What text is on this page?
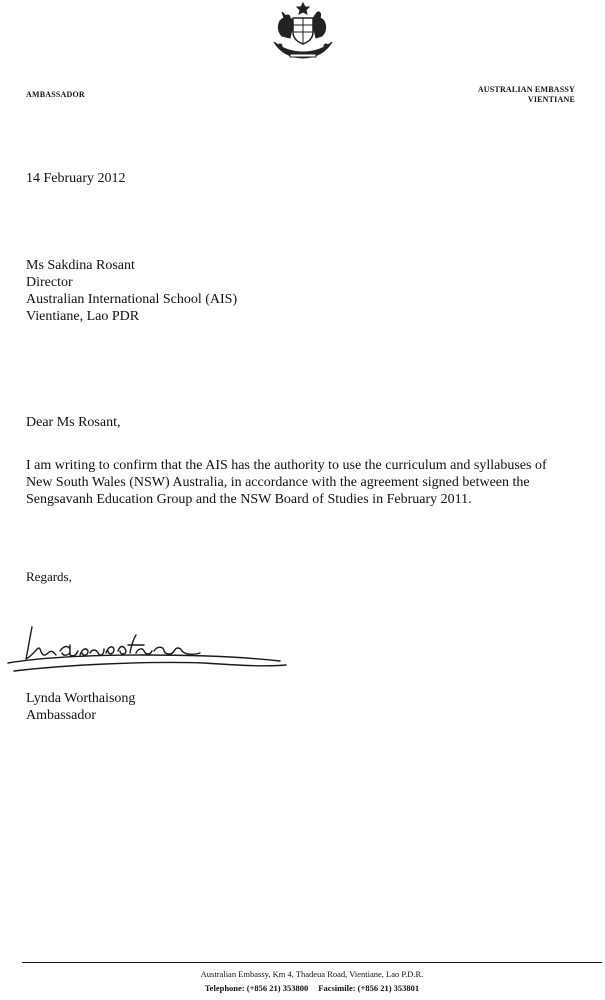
AMBASSADOR
AUSTRALIAN EMBASSY
VIENTIANE
14 February 2012
Ms Sakdina Rosant
Director
Australian International School (AIS)
Vientiane, Lao PDR
Dear Ms Rosant,
I am writing to confirm that the AIS has the authority to use the curriculum and syllabuses of
New South Wales (NSW) Australia, in accordance with the agreement signed between the
Sengsavanh Education Group and the NSW Board of Studies in February 2011.
Regards,
Lynda Worthaisong
Ambassador
Australian Embassy, Km 4, Thadeua Road, Vientiane, Lao P.D.R.
Telephone: (+856 21) 353800 Facsimile: (+856 21) 353801
